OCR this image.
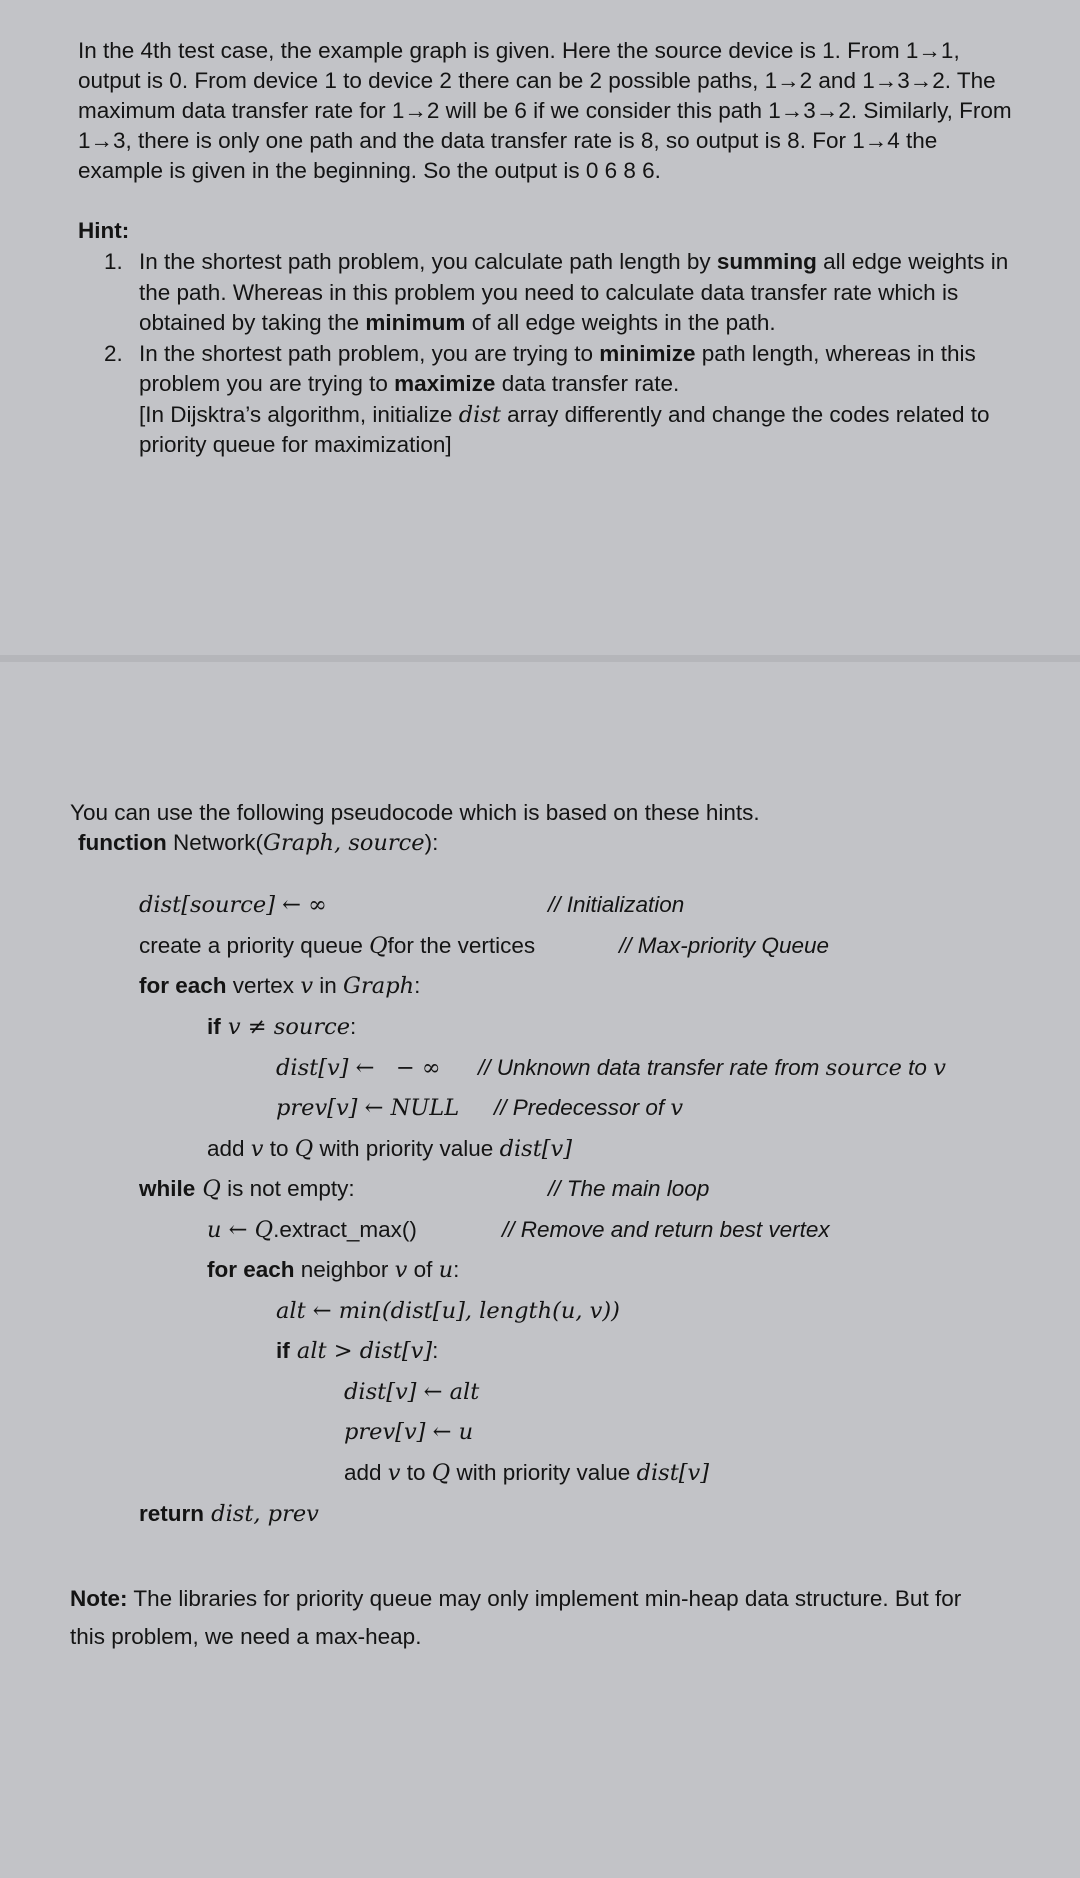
In the 4th test case, the example graph is given. Here the source device is 1. From 1→1, output is 0. From device 1 to device 2 there can be 2 possible paths, 1→2 and 1→3→2. The maximum data transfer rate for 1→2 will be 6 if we consider this path 1→3→2. Similarly, From 1→3, there is only one path and the data transfer rate is 8, so output is 8. For 1→4 the example is given in the beginning. So the output is 0 6 8 6.
Hint:
1. In the shortest path problem, you calculate path length by summing all edge weights in the path. Whereas in this problem you need to calculate data transfer rate which is obtained by taking the minimum of all edge weights in the path.
2. In the shortest path problem, you are trying to minimize path length, whereas in this problem you are trying to maximize data transfer rate.
[In Dijsktra’s algorithm, initialize dist array differently and change the codes related to priority queue for maximization]
You can use the following pseudocode which is based on these hints.
function Network(Graph, source):
dist[source] ← ∞	// Initialization
create a priority queue Qfor the vertices	// Max-priority Queue
for each vertex v in Graph:
if v ≠ source:
dist[v] ←   − ∞ // Unknown data transfer rate from source to v
prev[v] ← NULL // Predecessor of v
add v to Q with priority value dist[v]
while Q is not empty:	// The main loop
u ← Q.extract_max()	// Remove and return best vertex
for each neighbor v of u:
alt ← min(dist[u], length(u, v))
if alt > dist[v]:
dist[v] ← alt
prev[v] ← u
add v to Q with priority value dist[v]
return dist, prev
Note: The libraries for priority queue may only implement min-heap data structure. But for this problem, we need a max-heap.
